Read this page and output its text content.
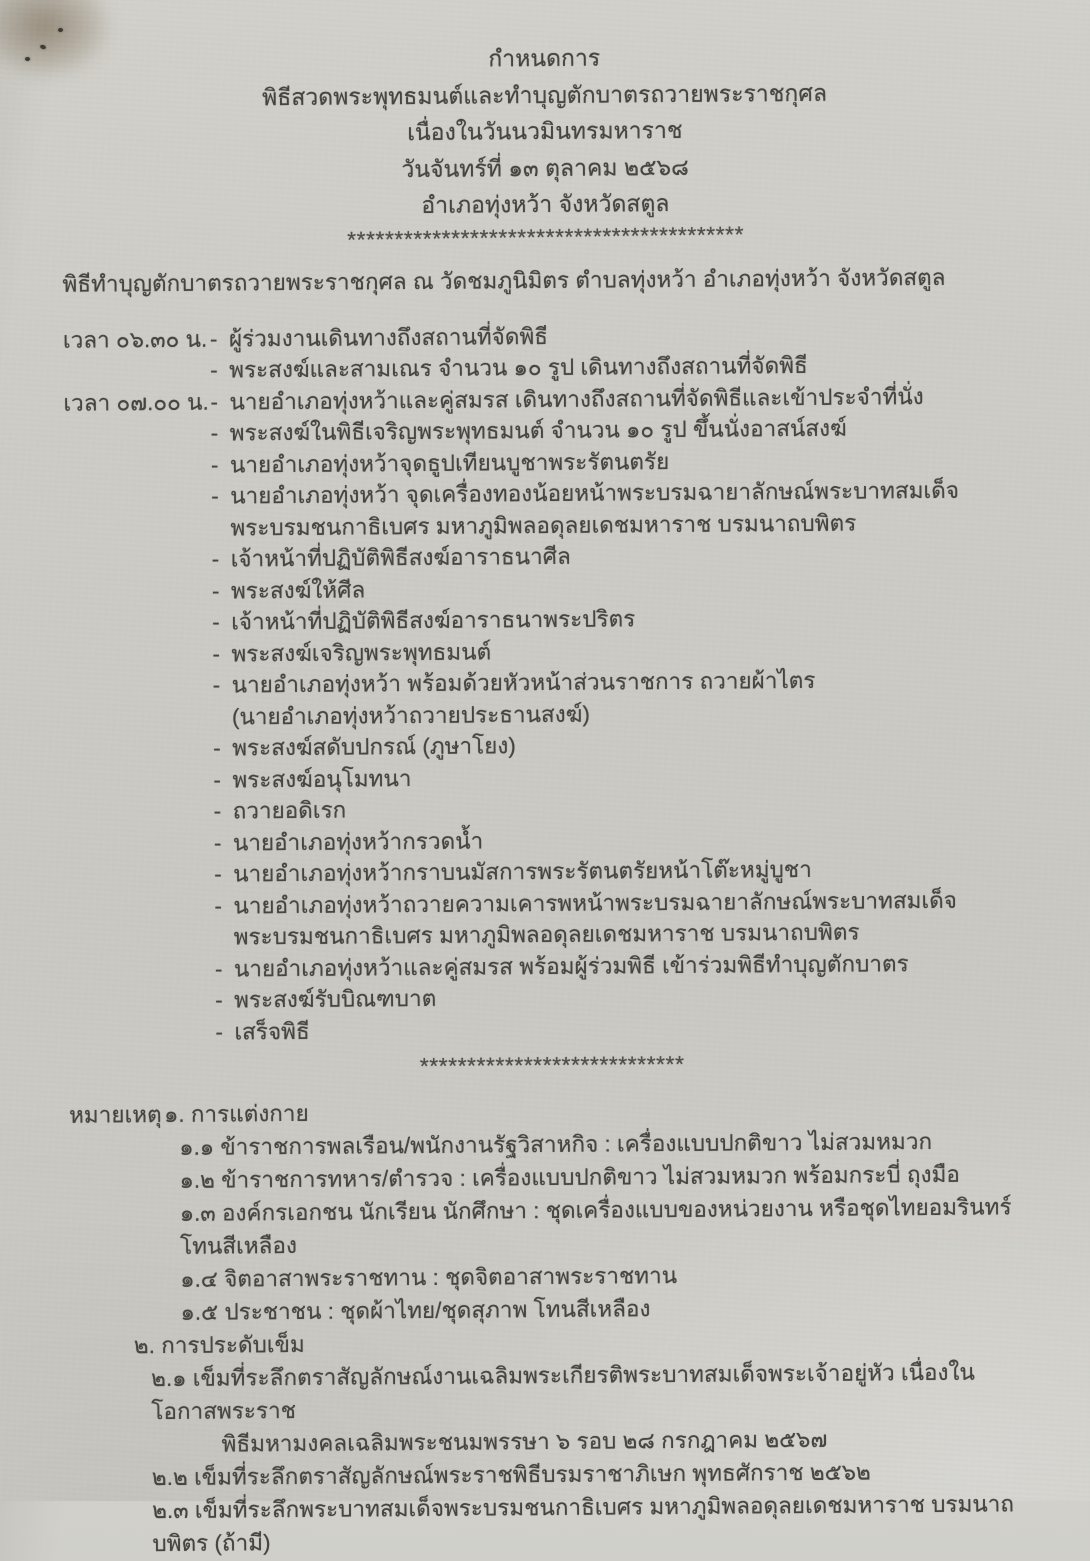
กำหนดการ
พิธีสวดพระพุทธมนต์และทำบุญตักบาตรถวายพระราชกุศล
เนื่องในวันนวมินทรมหาราช
วันจันทร์ที่ ๑๓ ตุลาคม ๒๕๖๘
อำเภอทุ่งหว้า จังหวัดสตูล
******************************************

พิธีทำบุญตักบาตรถวายพระราชกุศล ณ วัดชมภูนิมิตร ตำบลทุ่งหว้า อำเภอทุ่งหว้า จังหวัดสตูล

เวลา ๐๖.๓๐ น. - ผู้ร่วมงานเดินทางถึงสถานที่จัดพิธี
- พระสงฆ์และสามเณร จำนวน ๑๐ รูป เดินทางถึงสถานที่จัดพิธี
เวลา ๐๗.๐๐ น. - นายอำเภอทุ่งหว้าและคู่สมรส เดินทางถึงสถานที่จัดพิธีและเข้าประจำที่นั่ง
- พระสงฆ์ในพิธีเจริญพระพุทธมนต์ จำนวน ๑๐ รูป ขึ้นนั่งอาสน์สงฆ์
- นายอำเภอทุ่งหว้าจุดธูปเทียนบูชาพระรัตนตรัย
- นายอำเภอทุ่งหว้า จุดเครื่องทองน้อยหน้าพระบรมฉายาลักษณ์พระบาทสมเด็จ
พระบรมชนกาธิเบศร มหาภูมิพลอดุลยเดชมหาราช บรมนาถบพิตร
- เจ้าหน้าที่ปฏิบัติพิธีสงฆ์อาราธนาศีล
- พระสงฆ์ให้ศีล
- เจ้าหน้าที่ปฏิบัติพิธีสงฆ์อาราธนาพระปริตร
- พระสงฆ์เจริญพระพุทธมนต์
- นายอำเภอทุ่งหว้า พร้อมด้วยหัวหน้าส่วนราชการ ถวายผ้าไตร
(นายอำเภอทุ่งหว้าถวายประธานสงฆ์)
- พระสงฆ์สดับปกรณ์ (ภูษาโยง)
- พระสงฆ์อนุโมทนา
- ถวายอดิเรก
- นายอำเภอทุ่งหว้ากรวดน้ำ
- นายอำเภอทุ่งหว้ากราบนมัสการพระรัตนตรัยหน้าโต๊ะหมู่บูชา
- นายอำเภอทุ่งหว้าถวายความเคารพหน้าพระบรมฉายาลักษณ์พระบาทสมเด็จ
พระบรมชนกาธิเบศร มหาภูมิพลอดุลยเดชมหาราช บรมนาถบพิตร
- นายอำเภอทุ่งหว้าและคู่สมรส พร้อมผู้ร่วมพิธี เข้าร่วมพิธีทำบุญตักบาตร
- พระสงฆ์รับบิณฑบาต
- เสร็จพิธี
****************************
หมายเหตุ๑. การแต่งกาย
๑.๑ ข้าราชการพลเรือน/พนักงานรัฐวิสาหกิจ : เครื่องแบบปกติขาว ไม่สวมหมวก
๑.๒ ข้าราชการทหาร/ตำรวจ : เครื่องแบบปกติขาว ไม่สวมหมวก พร้อมกระบี่ ถุงมือ
๑.๓ องค์กรเอกชน นักเรียน นักศึกษา : ชุดเครื่องแบบของหน่วยงาน หรือชุดไทยอมรินทร์โทนสีเหลือง
๑.๔ จิตอาสาพระราชทาน : ชุดจิตอาสาพระราชทาน
๑.๕ ประชาชน : ชุดผ้าไทย/ชุดสุภาพ โทนสีเหลือง
๒. การประดับเข็ม
๒.๑ เข็มที่ระลึกตราสัญลักษณ์งานเฉลิมพระเกียรติพระบาทสมเด็จพระเจ้าอยู่หัว เนื่องในโอกาสพระราช
พิธีมหามงคลเฉลิมพระชนมพรรษา ๖ รอบ ๒๘ กรกฎาคม ๒๕๖๗
๒.๒ เข็มที่ระลึกตราสัญลักษณ์พระราชพิธีบรมราชาภิเษก พุทธศักราช ๒๕๖๒
๒.๓ เข็มที่ระลึกพระบาทสมเด็จพระบรมชนกาธิเบศร มหาภูมิพลอดุลยเดชมหาราช บรมนาถบพิตร (ถ้ามี)
